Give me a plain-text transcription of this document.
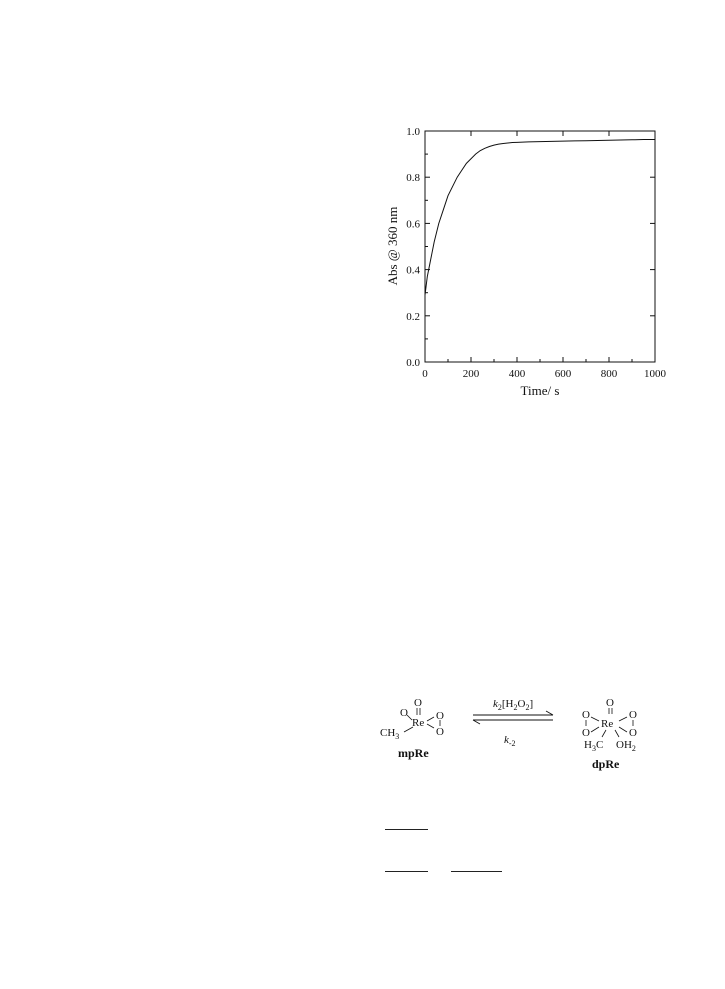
0	200	400	600	800 1000
0.0
0.2
0.4
0.6
0.8
1.0
Time/ s
Abs @ 360 nm
O
O
Re
O
O
$CH_3$
mpRe
$k_2[H_2O_2]$
$k_{-2}$
O
O
O
Re
O
O
$H_3C$ $OH_2$
dpRe
